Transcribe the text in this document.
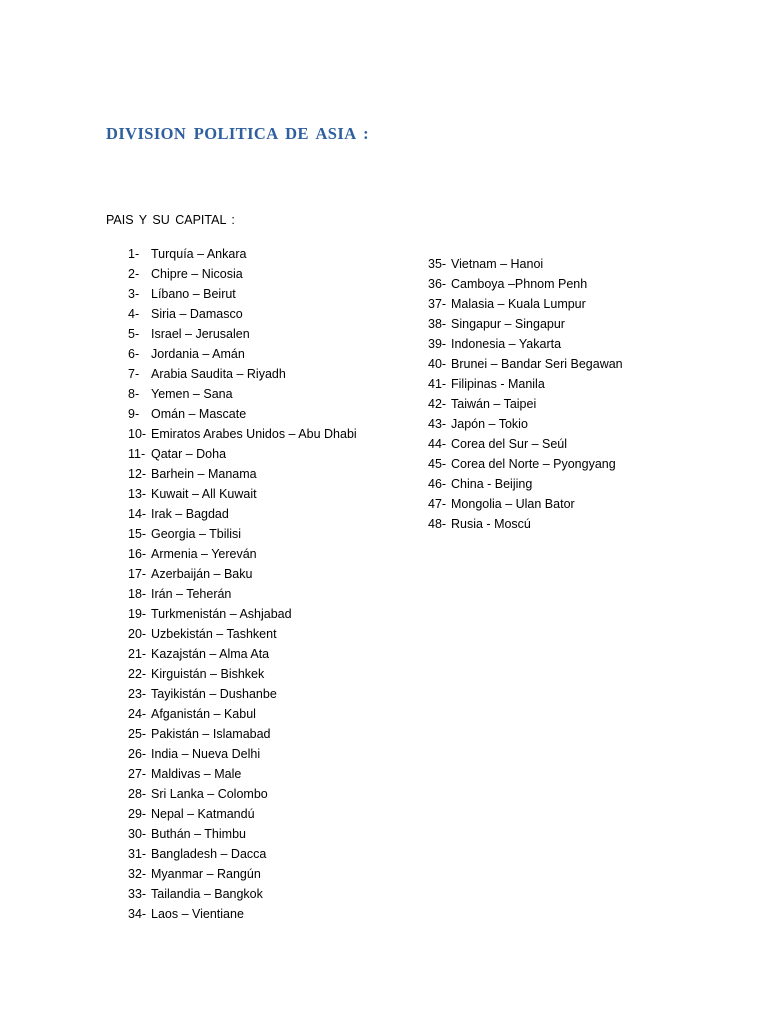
DIVISION POLITICA DE ASIA :
PAIS Y SU CAPITAL :
1- Turquía – Ankara
2- Chipre – Nicosia
3- Líbano – Beirut
4- Siria – Damasco
5- Israel – Jerusalen
6- Jordania – Amán
7- Arabia Saudita – Riyadh
8- Yemen – Sana
9- Omán – Mascate
10- Emiratos Arabes Unidos – Abu Dhabi
11- Qatar – Doha
12- Barhein – Manama
13- Kuwait – All Kuwait
14- Irak – Bagdad
15- Georgia – Tbilisi
16- Armenia – Yereván
17- Azerbaiján – Baku
18- Irán – Teherán
19- Turkmenistán – Ashjabad
20- Uzbekistán – Tashkent
21- Kazajstán – Alma Ata
22- Kirguistán – Bishkek
23- Tayikistán – Dushanbe
24- Afganistán – Kabul
25- Pakistán – Islamabad
26- India – Nueva Delhi
27- Maldivas – Male
28- Sri Lanka – Colombo
29- Nepal – Katmandú
30- Buthán – Thimbu
31- Bangladesh – Dacca
32- Myanmar – Rangún
33- Tailandia – Bangkok
34- Laos – Vientiane
35- Vietnam – Hanoi
36- Camboya –Phnom Penh
37- Malasia – Kuala Lumpur
38- Singapur – Singapur
39- Indonesia – Yakarta
40- Brunei – Bandar Seri Begawan
41- Filipinas - Manila
42- Taiwán – Taipei
43- Japón – Tokio
44- Corea del Sur – Seúl
45- Corea del Norte – Pyongyang
46- China - Beijing
47- Mongolia – Ulan Bator
48- Rusia - Moscú
